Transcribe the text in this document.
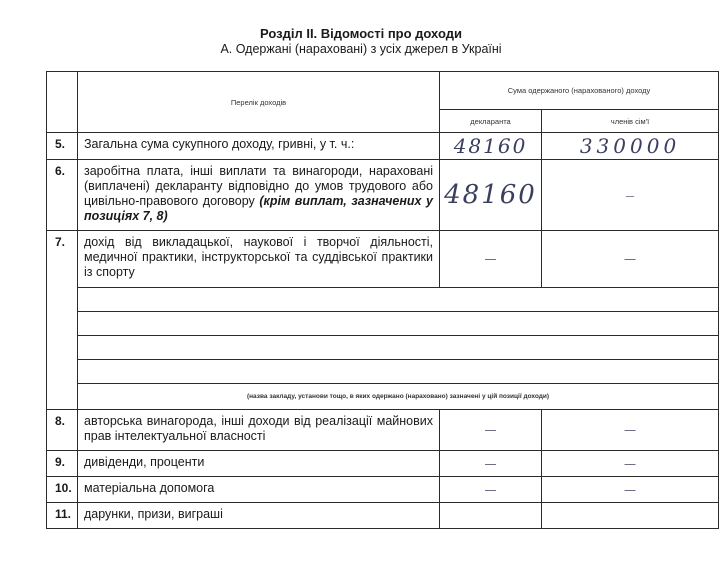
Розділ ІІ. Відомості про доходи
А. Одержані (нараховані) з усіх джерел в Україні
	Перелік доходів	Сума одержаного (нарахованого) доходу	
		декларанта	членів сім'ї
5.	Загальна сума сукупного доходу, гривні, у т. ч.:	48160	330000
6.	заробітна плата, інші виплати та винагороди, нараховані (виплачені) декларанту відповідно до умов трудового або цивільно-правового договору (крім виплат, зазначених у позиціях 7, 8)	48160	—
7.	дохід від викладацької, наукової і творчої діяльності, медичної практики, інструкторської та суддівської практики із спорту	—	—

	(назва закладу, установи тощо, в яких одержано (нараховано) зазначені у цій позиції доходи)		
8.	авторська винагорода, інші доходи від реалізації майнових прав інтелектуальної власності	—	—
9.	дивіденди, проценти	—	—
10.	матеріальна допомога	—	—
11.	дарунки, призи, виграші		
